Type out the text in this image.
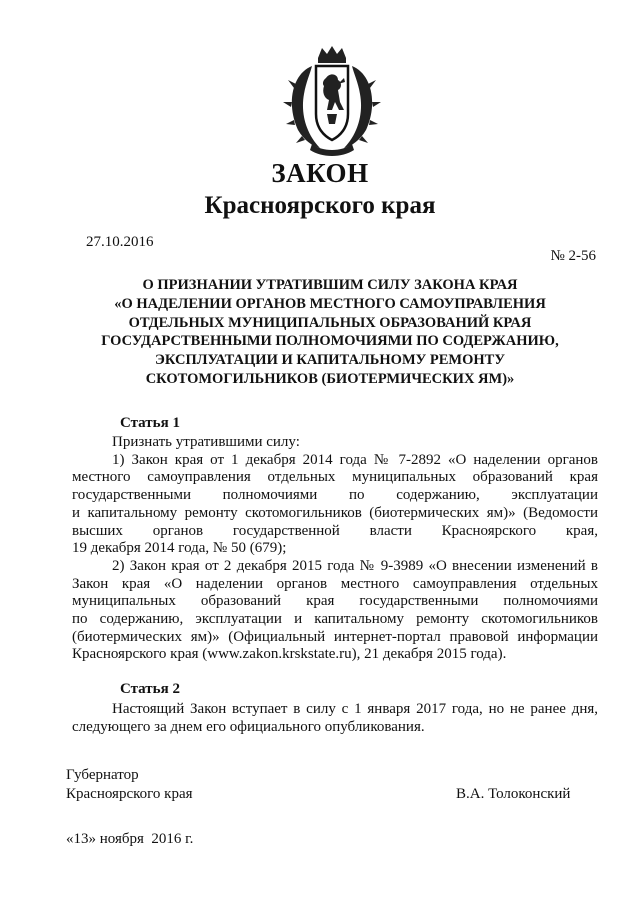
ЗАКОН
Красноярского края
27.10.2016
№ 2-56
О ПРИЗНАНИИ УТРАТИВШИМ СИЛУ ЗАКОНА КРАЯ
«О НАДЕЛЕНИИ ОРГАНОВ МЕСТНОГО САМОУПРАВЛЕНИЯ
ОТДЕЛЬНЫХ МУНИЦИПАЛЬНЫХ ОБРАЗОВАНИЙ КРАЯ
ГОСУДАРСТВЕННЫМИ ПОЛНОМОЧИЯМИ ПО СОДЕРЖАНИЮ,
ЭКСПЛУАТАЦИИ И КАПИТАЛЬНОМУ РЕМОНТУ
СКОТОМОГИЛЬНИКОВ (БИОТЕРМИЧЕСКИХ ЯМ)»
Статья 1
Признать утратившими силу:
1) Закон края от 1 декабря 2014 года № 7-2892 «О наделении органов
местного самоуправления отдельных муниципальных образований края
государственными полномочиями по содержанию, эксплуатации
и капитальному ремонту скотомогильников (биотермических ям)» (Ведомости
высших органов государственной власти Красноярского края,
19 декабря 2014 года, № 50 (679);
2) Закон края от 2 декабря 2015 года № 9-3989 «О внесении изменений в
Закон края «О наделении органов местного самоуправления отдельных
муниципальных образований края государственными полномочиями
по содержанию, эксплуатации и капитальному ремонту скотомогильников
(биотермических ям)» (Официальный интернет-портал правовой информации
Красноярского края (www.zakon.krskstate.ru), 21 декабря 2015 года).
Статья 2
Настоящий Закон вступает в силу с 1 января 2017 года, но не ранее дня,
следующего за днем его официального опубликования.
Губернатор
Красноярского края	В.А. Толоконский
«13» ноября  2016 г.
